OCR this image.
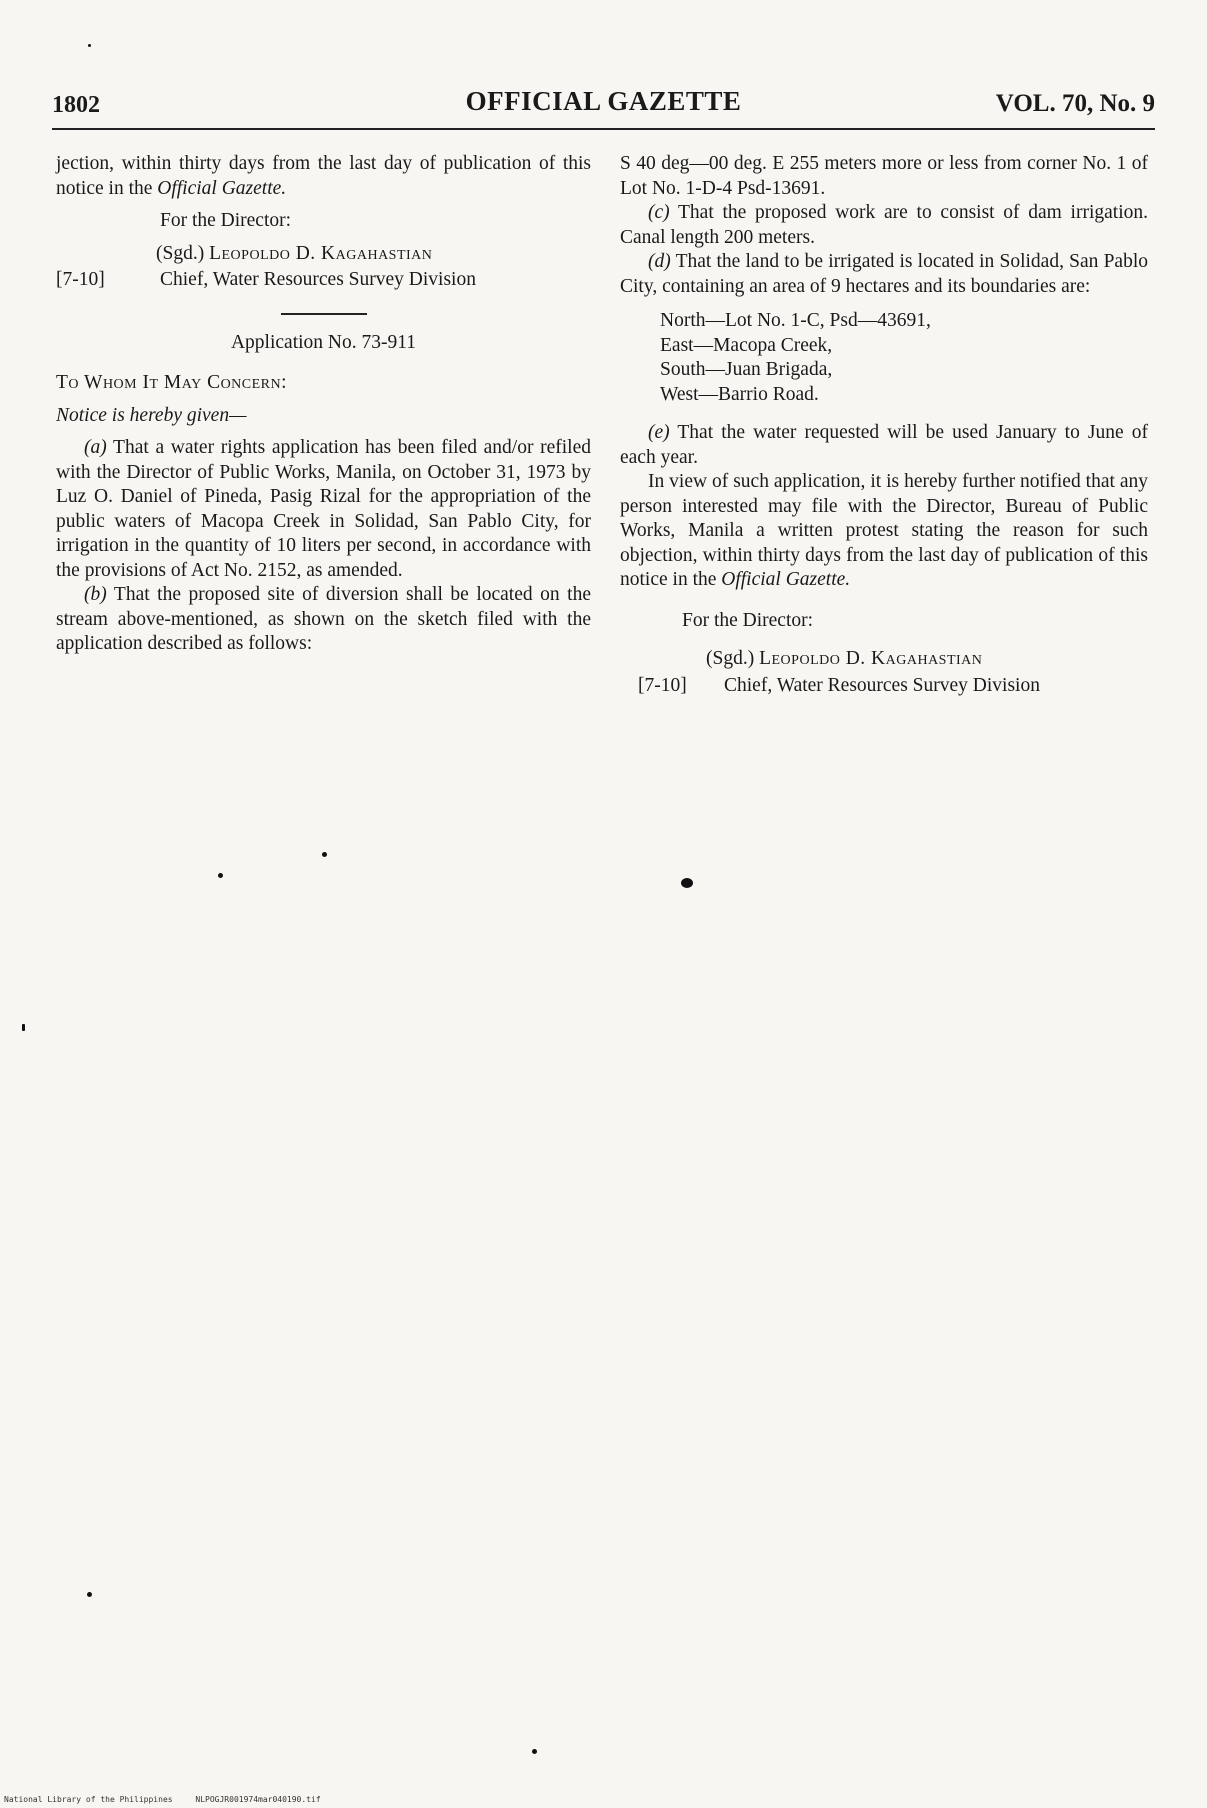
1802	OFFICIAL GAZETTE	VOL. 70, No. 9

jection, within thirty days from the last day of publication of this notice in the Official Gazette.

For the Director:
(Sgd.) Leopoldo D. Kagahastian
[7-10]	Chief, Water Resources Survey Division
Application No. 73-911
To Whom It May Concern:
Notice is hereby given—

(a) That a water rights application has been filed and/or refiled with the Director of Public Works, Manila, on October 31, 1973 by Luz O. Daniel of Pineda, Pasig Rizal for the appropriation of the public waters of Macopa Creek in Solidad, San Pablo City, for irrigation in the quantity of 10 liters per second, in accordance with the provisions of Act No. 2152, as amended.

(b) That the proposed site of diversion shall be located on the stream above-mentioned, as shown on the sketch filed with the application described as follows:

S 40 deg—00 deg. E 255 meters more or less from corner No. 1 of Lot No. 1-D-4 Psd-13691.

(c) That the proposed work are to consist of dam irrigation. Canal length 200 meters.

(d) That the land to be irrigated is located in Solidad, San Pablo City, containing an area of 9 hectares and its boundaries are:

North—Lot No. 1-C, Psd—43691,
East—Macopa Creek,
South—Juan Brigada,
West—Barrio Road.

(e) That the water requested will be used January to June of each year.

In view of such application, it is hereby further notified that any person interested may file with the Director, Bureau of Public Works, Manila a written protest stating the reason for such objection, within thirty days from the last day of publication of this notice in the Official Gazette.

For the Director:
(Sgd.) Leopoldo D. Kagahastian
[7-10]	Chief, Water Resources Survey Division
National Library of the Philippines	NLPOGJR001974mar040190.tif
